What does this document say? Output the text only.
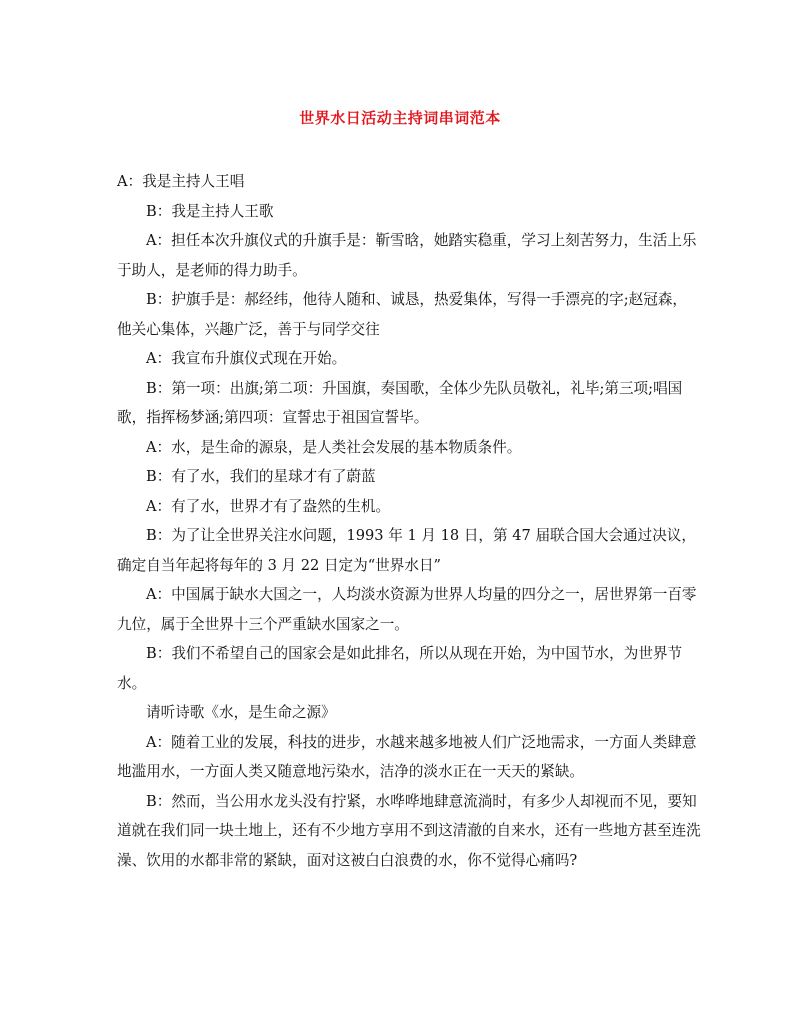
世界水日活动主持词串词范本

A：我是主持人王唱

B：我是主持人王歌

A：担任本次升旗仪式的升旗手是：靳雪晗，她踏实稳重，学习上刻苦努力，生活上乐于助人，是老师的得力助手。

B：护旗手是：郝经纬，他待人随和、诚恳，热爱集体，写得一手漂亮的字;赵冠森，他关心集体，兴趣广泛，善于与同学交往

A：我宣布升旗仪式现在开始。

B：第一项：出旗;第二项：升国旗，奏国歌，全体少先队员敬礼，礼毕;第三项;唱国歌，指挥杨梦涵;第四项：宣誓忠于祖国宣誓毕。

A：水，是生命的源泉，是人类社会发展的基本物质条件。

B：有了水，我们的星球才有了蔚蓝

A：有了水，世界才有了盎然的生机。

B：为了让全世界关注水问题，1993 年 1 月 18 日，第 47 届联合国大会通过决议，确定自当年起将每年的 3 月 22 日定为“世界水日”

A：中国属于缺水大国之一，人均淡水资源为世界人均量的四分之一，居世界第一百零九位，属于全世界十三个严重缺水国家之一。

B：我们不希望自己的国家会是如此排名，所以从现在开始，为中国节水，为世界节水。

请听诗歌《水，是生命之源》

A：随着工业的发展，科技的进步，水越来越多地被人们广泛地需求，一方面人类肆意地滥用水，一方面人类又随意地污染水，洁净的淡水正在一天天的紧缺。

B：然而，当公用水龙头没有拧紧，水哗哗地肆意流淌时，有多少人却视而不见，要知道就在我们同一块土地上，还有不少地方享用不到这清澈的自来水，还有一些地方甚至连洗澡、饮用的水都非常的紧缺，面对这被白白浪费的水，你不觉得心痛吗?
